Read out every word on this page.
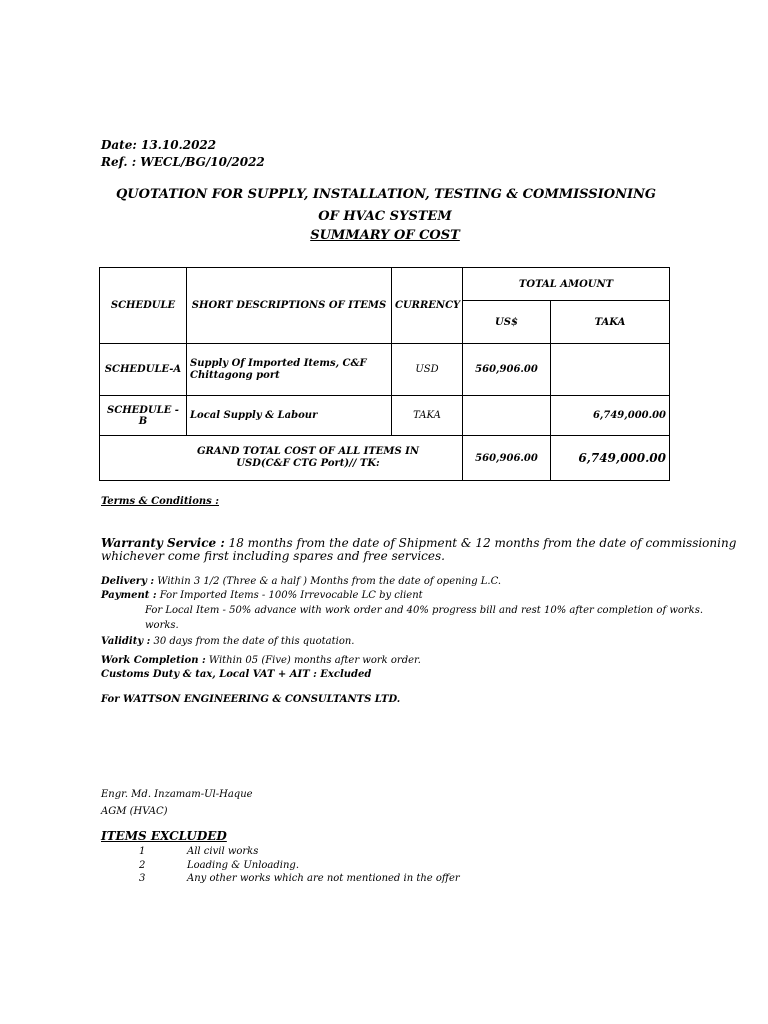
Date: 13.10.2022
Ref. : WECL/BG/10/2022
QUOTATION FOR SUPPLY, INSTALLATION, TESTING & COMMISSIONING
OF HVAC SYSTEM
SUMMARY OF COST
SCHEDULE	SHORT DESCRIPTIONS OF ITEMS	CURRENCY	TOTAL AMOUNT	
			US$	TAKA
SCHEDULE-A	Supply Of Imported Items, C&F Chittagong port	USD	560,906.00	
SCHEDULE - B	Local Supply & Labour	TAKA		6,749,000.00
GRAND TOTAL COST OF ALL ITEMS IN USD(C&F CTG Port)// TK:			560,906.00	6,749,000.00
Terms & Conditions :
Warranty Service : 18 months from the date of Shipment & 12 months from the date of commissioning
whichever come first including spares and free services.
Delivery : Within 3 1/2 (Three & a half ) Months from the date of opening L.C.
Payment : For Imported Items - 100% Irrevocable LC by client
For Local Item - 50% advance with work order and 40% progress bill and rest 10% after completion of works.
works.
Validity : 30 days from the date of this quotation.
Work Completion : Within 05 (Five) months after work order.
Customs Duty & tax, Local VAT + AIT : Excluded
For WATTSON ENGINEERING & CONSULTANTS LTD.
Engr. Md. Inzamam-Ul-Haque
AGM (HVAC)
ITEMS EXCLUDED
1	All civil works
2	Loading & Unloading.
3	Any other works which are not mentioned in the offer
